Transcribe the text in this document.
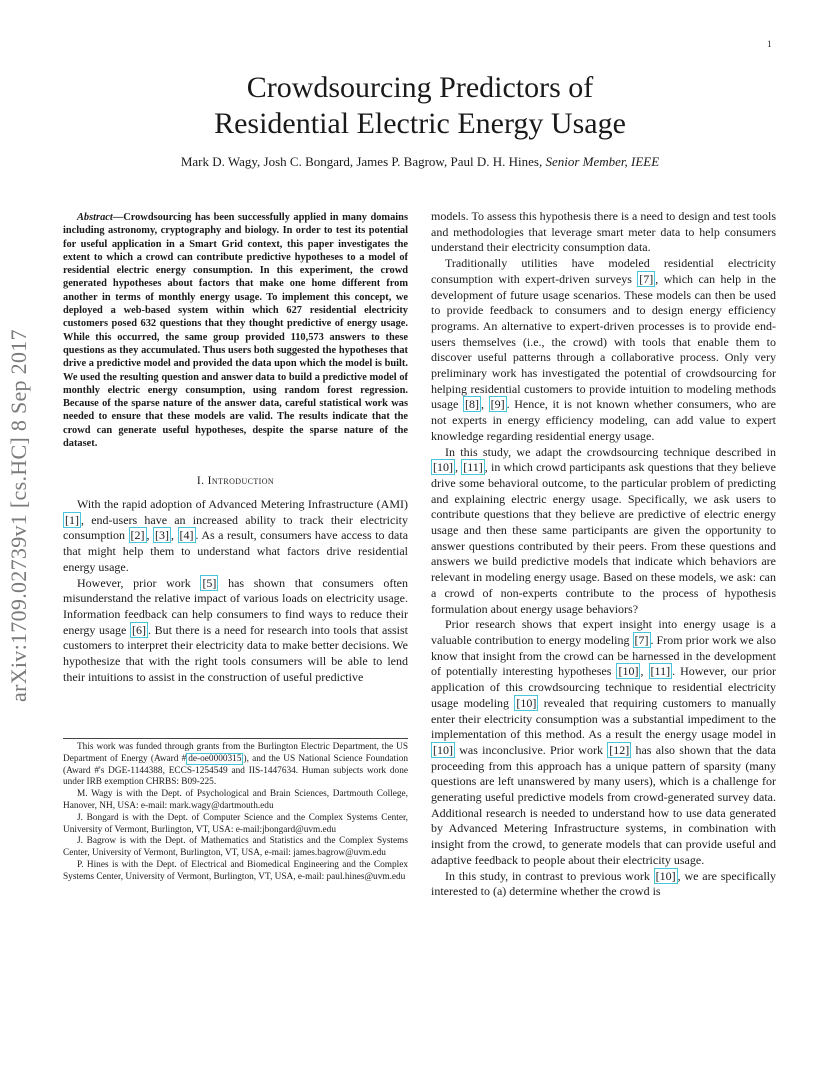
1
arXiv:1709.02739v1 [cs.HC] 8 Sep 2017
Crowdsourcing Predictors of
Residential Electric Energy Usage
Mark D. Wagy, Josh C. Bongard, James P. Bagrow, Paul D. H. Hines, Senior Member, IEEE

Abstract—Crowdsourcing has been successfully applied in many domains including astronomy, cryptography and biology. In order to test its potential for useful application in a Smart Grid context, this paper investigates the extent to which a crowd can contribute predictive hypotheses to a model of residential electric energy consumption. In this experiment, the crowd generated hypotheses about factors that make one home different from another in terms of monthly energy usage. To implement this concept, we deployed a web-based system within which 627 residential electricity customers posed 632 questions that they thought predictive of energy usage. While this occurred, the same group provided 110,573 answers to these questions as they accumulated. Thus users both suggested the hypotheses that drive a predictive model and provided the data upon which the model is built. We used the resulting question and answer data to build a predictive model of monthly electric energy consumption, using random forest regression. Because of the sparse nature of the answer data, careful statistical work was needed to ensure that these models are valid. The results indicate that the crowd can generate useful hypotheses, despite the sparse nature of the dataset.

I. Introduction

With the rapid adoption of Advanced Metering Infrastructure (AMI) [1] , end-users have an increased ability to track their electricity consumption [2] , [3] , [4] . As a result, consumers have access to data that might help them to understand what factors drive residential energy usage.

However, prior work [5] has shown that consumers often misunderstand the relative impact of various loads on electricity usage. Information feedback can help consumers to find ways to reduce their energy usage [6] . But there is a need for research into tools that assist customers to interpret their electricity data to make better decisions. We hypothesize that with the right tools consumers will be able to lend their intuitions to assist in the construction of useful predictive

This work was funded through grants from the Burlington Electric Department, the US Department of Energy (Award # de-oe0000315 ), and the US National Science Foundation (Award #'s DGE-1144388, ECCS-1254549 and IIS-1447634. Human subjects work done under IRB exemption CHRBS: B09-225.

M. Wagy is with the Dept. of Psychological and Brain Sciences, Dartmouth College, Hanover, NH, USA: e-mail: mark.wagy@dartmouth.edu

J. Bongard is with the Dept. of Computer Science and the Complex Systems Center, University of Vermont, Burlington, VT, USA: e-mail:jbongard@uvm.edu

J. Bagrow is with the Dept. of Mathematics and Statistics and the Complex Systems Center, University of Vermont, Burlington, VT, USA, e-mail: james.bagrow@uvm.edu

P. Hines is with the Dept. of Electrical and Biomedical Engineering and the Complex Systems Center, University of Vermont, Burlington, VT, USA, e-mail: paul.hines@uvm.edu

models. To assess this hypothesis there is a need to design and test tools and methodologies that leverage smart meter data to help consumers understand their electricity consumption data.

Traditionally utilities have modeled residential electricity consumption with expert-driven surveys [7] , which can help in the development of future usage scenarios. These models can then be used to provide feedback to consumers and to design energy efficiency programs. An alternative to expert-driven processes is to provide end-users themselves (i.e., the crowd) with tools that enable them to discover useful patterns through a collaborative process. Only very preliminary work has investigated the potential of crowdsourcing for helping residential customers to provide intuition to modeling methods usage [8] , [9] . Hence, it is not known whether consumers, who are not experts in energy efficiency modeling, can add value to expert knowledge regarding residential energy usage.

In this study, we adapt the crowdsourcing technique described in [10] , [11] , in which crowd participants ask questions that they believe drive some behavioral outcome, to the particular problem of predicting and explaining electric energy usage. Specifically, we ask users to contribute questions that they believe are predictive of electric energy usage and then these same participants are given the opportunity to answer questions contributed by their peers. From these questions and answers we build predictive models that indicate which behaviors are relevant in modeling energy usage. Based on these models, we ask: can a crowd of non-experts contribute to the process of hypothesis formulation about energy usage behaviors?

Prior research shows that expert insight into energy usage is a valuable contribution to energy modeling [7] . From prior work we also know that insight from the crowd can be harnessed in the development of potentially interesting hypotheses [10] , [11] . However, our prior application of this crowdsourcing technique to residential electricity usage modeling [10] revealed that requiring customers to manually enter their electricity consumption was a substantial impediment to the implementation of this method. As a result the energy usage model in [10] was inconclusive. Prior work [12] has also shown that the data proceeding from this approach has a unique pattern of sparsity (many questions are left unanswered by many users), which is a challenge for generating useful predictive models from crowd-generated survey data. Additional research is needed to understand how to use data generated by Advanced Metering Infrastructure systems, in combination with insight from the crowd, to generate models that can provide useful and adaptive feedback to people about their electricity usage.

In this study, in contrast to previous work [10] , we are specifically interested to (a) determine whether the crowd is
